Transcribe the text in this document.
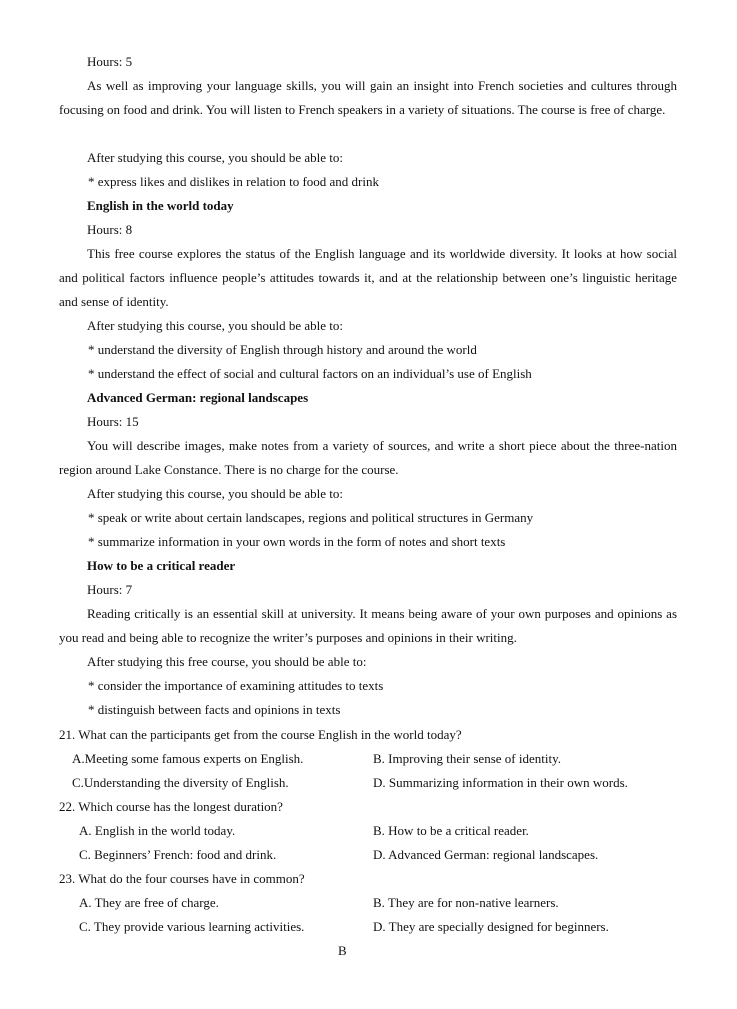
Hours: 5
As well as improving your language skills, you will gain an insight into French societies and cultures through focusing on food and drink. You will listen to French speakers in a variety of situations. The course is free of charge.
After studying this course, you should be able to:
* express likes and dislikes in relation to food and drink
English in the world today
Hours: 8
This free course explores the status of the English language and its worldwide diversity. It looks at how social and political factors influence people’s attitudes towards it, and at the relationship between one’s linguistic heritage and sense of identity.
After studying this course, you should be able to:
* understand the diversity of English through history and around the world
* understand the effect of social and cultural factors on an individual’s use of English
Advanced German: regional landscapes
Hours: 15
You will describe images, make notes from a variety of sources, and write a short piece about the three-nation region around Lake Constance. There is no charge for the course.
After studying this course, you should be able to:
* speak or write about certain landscapes, regions and political structures in Germany
* summarize information in your own words in the form of notes and short texts
How to be a critical reader
Hours: 7
Reading critically is an essential skill at university. It means being aware of your own purposes and opinions as you read and being able to recognize the writer’s purposes and opinions in their writing.
After studying this free course, you should be able to:
* consider the importance of examining attitudes to texts
* distinguish between facts and opinions in texts
21. What can the participants get from the course English in the world today?
A.Meeting some famous experts on English.	B. Improving their sense of identity.
C.Understanding the diversity of English.	D. Summarizing information in their own words.
22. Which course has the longest duration?
A. English in the world today.	B. How to be a critical reader.
C. Beginners’ French: food and drink.	D. Advanced German: regional landscapes.
23. What do the four courses have in common?
A. They are free of charge.	B. They are for non-native learners.
C. They provide various learning activities.	D. They are specially designed for beginners.
B
